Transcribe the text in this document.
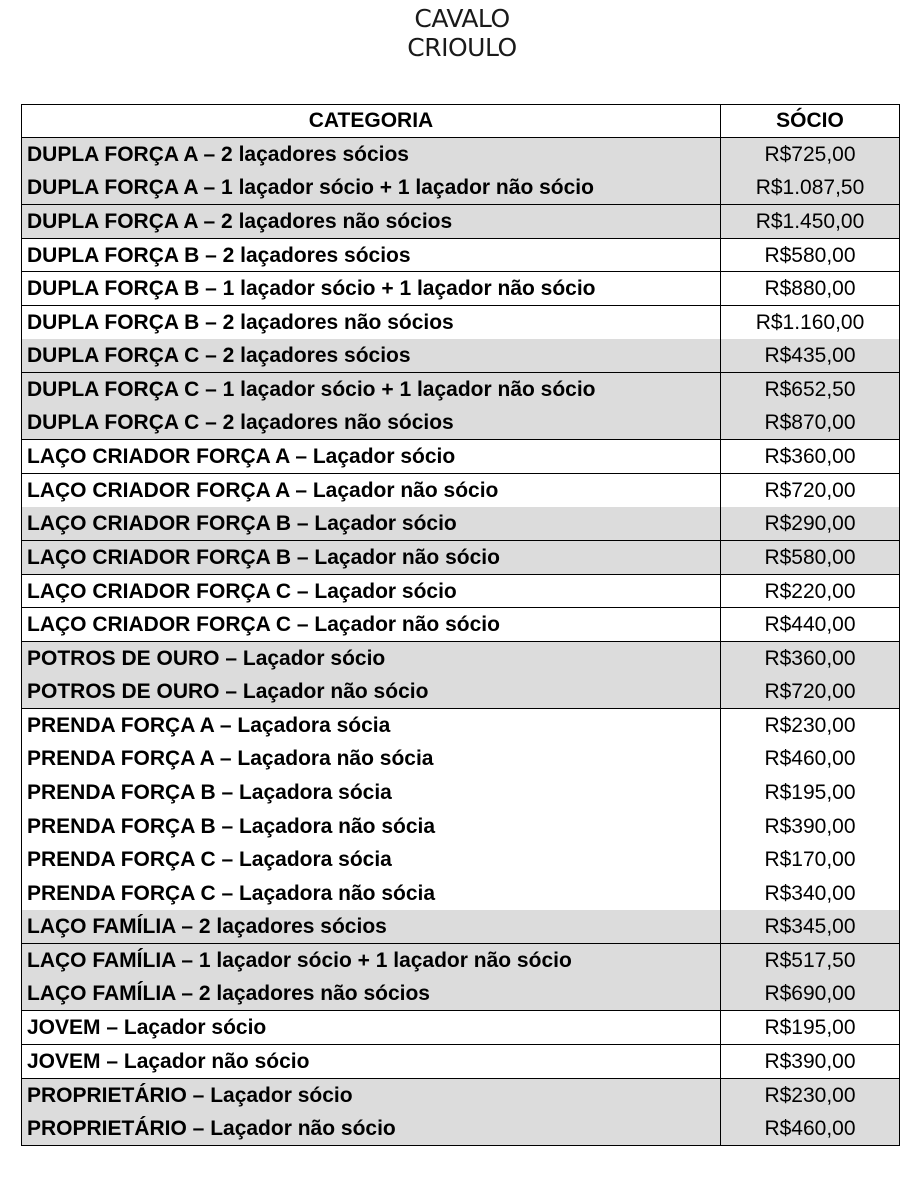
CAVALO
CRIOULO
CATEGORIA	SÓCIO
DUPLA FORÇA A – 2 laçadores sócios	R$725,00
DUPLA FORÇA A – 1 laçador sócio + 1 laçador não sócio	R$1.087,50
DUPLA FORÇA A – 2 laçadores não sócios	R$1.450,00
DUPLA FORÇA B – 2 laçadores sócios	R$580,00
DUPLA FORÇA B – 1 laçador sócio + 1 laçador não sócio	R$880,00
DUPLA FORÇA B – 2 laçadores não sócios	R$1.160,00
DUPLA FORÇA C – 2 laçadores sócios	R$435,00
DUPLA FORÇA C – 1 laçador sócio + 1 laçador não sócio	R$652,50
DUPLA FORÇA C – 2 laçadores não sócios	R$870,00
LAÇO CRIADOR FORÇA A – Laçador sócio	R$360,00
LAÇO CRIADOR FORÇA A – Laçador não sócio	R$720,00
LAÇO CRIADOR FORÇA B – Laçador sócio	R$290,00
LAÇO CRIADOR FORÇA B – Laçador não sócio	R$580,00
LAÇO CRIADOR FORÇA C – Laçador sócio	R$220,00
LAÇO CRIADOR FORÇA C – Laçador não sócio	R$440,00
POTROS DE OURO – Laçador sócio	R$360,00
POTROS DE OURO – Laçador não sócio	R$720,00
PRENDA FORÇA A – Laçadora sócia	R$230,00
PRENDA FORÇA A – Laçadora não sócia	R$460,00
PRENDA FORÇA B – Laçadora sócia	R$195,00
PRENDA FORÇA B – Laçadora não sócia	R$390,00
PRENDA FORÇA C – Laçadora sócia	R$170,00
PRENDA FORÇA C – Laçadora não sócia	R$340,00
LAÇO FAMÍLIA – 2 laçadores sócios	R$345,00
LAÇO FAMÍLIA – 1 laçador sócio + 1 laçador não sócio	R$517,50
LAÇO FAMÍLIA – 2 laçadores não sócios	R$690,00
JOVEM – Laçador sócio	R$195,00
JOVEM – Laçador não sócio	R$390,00
PROPRIETÁRIO – Laçador sócio	R$230,00
PROPRIETÁRIO – Laçador não sócio	R$460,00
